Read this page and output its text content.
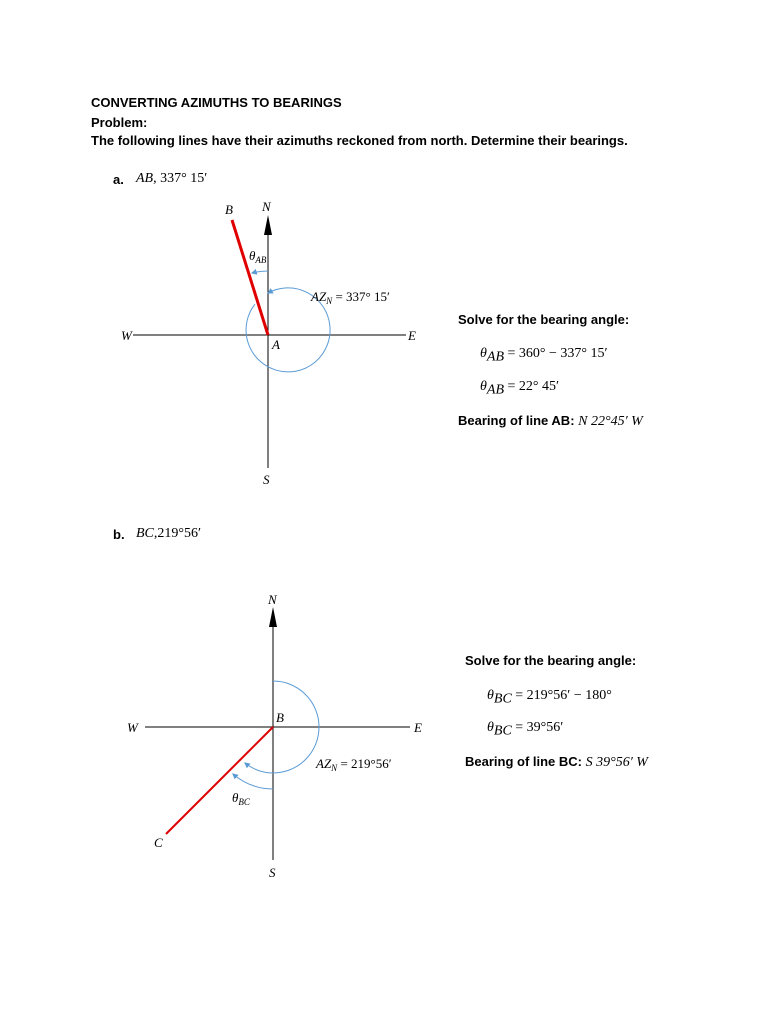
CONVERTING AZIMUTHS TO BEARINGS
Problem:
The following lines have their azimuths reckoned from north. Determine their bearings.
a. AB, 337° 15′
B N
W	E
A
S
$\theta_{AB}$
$AZ_N = 337^\circ$ 15′
Solve for the bearing angle:
$\theta_{AB} = 360^\circ - 337^\circ$ 15′
$\theta_{AB} = 22^\circ$ 45′
Bearing of line AB: N 22°45′ W
b. BC,219°56′
N
W	E
B
C
S
$\theta_{BC}$
$AZ_N = 219^\circ 56'$
Solve for the bearing angle:
$\theta_{BC} = 219^\circ 56' - 180^\circ$
$\theta_{BC} = 39^\circ 56'$
Bearing of line BC: S 39°56′ W
